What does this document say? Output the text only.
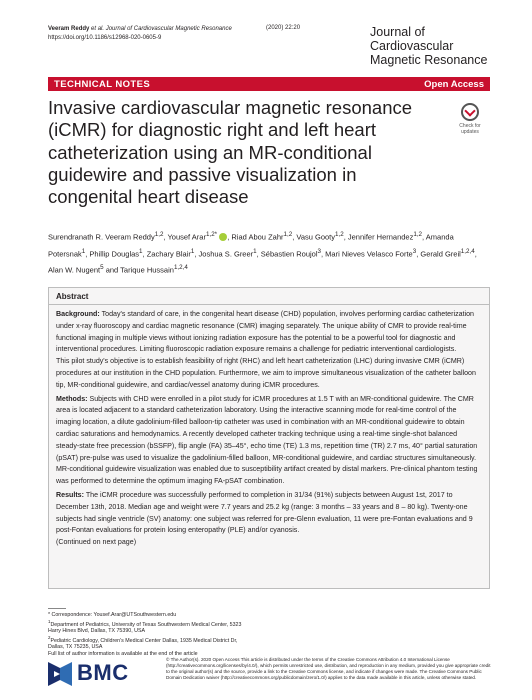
Veeram Reddy et al. Journal of Cardiovascular Magnetic Resonance	(2020) 22:20
https://doi.org/10.1186/s12968-020-0605-9	Journal of Cardiovascular
Magnetic Resonance
TECHNICAL NOTES	Open Access
Invasive cardiovascular magnetic resonance (iCMR) for diagnostic right and left heart catheterization using an MR-conditional guidewire and passive visualization in congenital heart disease
Check for
updates
Surendranath R. Veeram Reddy$^{1,2}$, Yousef Arar$^{1,2*}$ , Riad Abou Zahr$^{1,2}$, Vasu Gooty$^{1,2}$, Jennifer Hernandez$^{1,2}$, Amanda Potersnak$^1$, Phillip Douglas$^1$, Zachary Blair$^1$, Joshua S. Greer$^1$, Sébastien Roujol$^3$, Mari Nieves Velasco Forte$^3$, Gerald Greil$^{1,2,4}$, Alan W. Nugent$^5$ and Tarique Hussain$^{1,2,4}$
Abstract

Background: Today's standard of care, in the congenital heart disease (CHD) population, involves performing cardiac catheterization under x-ray fluoroscopy and cardiac magnetic resonance (CMR) imaging separately. The unique ability of CMR to provide real-time functional imaging in multiple views without ionizing radiation exposure has the potential to be a powerful tool for diagnostic and interventional procedures. Limiting fluoroscopic radiation exposure remains a challenge for pediatric interventional cardiologists.

This pilot study's objective is to establish feasibility of right (RHC) and left heart catheterization (LHC) during invasive CMR (iCMR) procedures at our institution in the CHD population. Furthermore, we aim to improve simultaneous visualization of the catheter balloon tip, MR-conditional guidewire, and cardiac/vessel anatomy during iCMR procedures.

Methods: Subjects with CHD were enrolled in a pilot study for iCMR procedures at 1.5 T with an MR-conditional guidewire. The CMR area is located adjacent to a standard catheterization laboratory. Using the interactive scanning mode for real-time control of the imaging location, a dilute gadolinium-filled balloon-tip catheter was used in combination with an MR-conditional guidewire to obtain cardiac saturations and hemodynamics. A recently developed catheter tracking technique using a real-time single-shot balanced steady-state free precession (bSSFP), flip angle (FA) 35–45°, echo time (TE) 1.3 ms, repetition time (TR) 2.7 ms, 40° partial saturation (pSAT) pre-pulse was used to visualize the gadolinium-filled balloon, MR-conditional guidewire, and cardiac structures simultaneously. MR-conditional guidewire visualization was enabled due to susceptibility artifact created by distal markers. Pre-clinical phantom testing was performed to determine the optimum imaging FA-pSAT combination.

Results: The iCMR procedure was successfully performed to completion in 31/34 (91%) subjects between August 1st, 2017 to December 13th, 2018. Median age and weight were 7.7 years and 25.2 kg (range: 3 months – 33 years and 8 – 80 kg). Twenty-one subjects had single ventricle (SV) anatomy: one subject was referred for pre-Glenn evaluation, 11 were pre-Fontan evaluations and 9 post-Fontan evaluations for protein losing enteropathy (PLE) and/or cyanosis.

(Continued on next page)

* Correspondence: Yousef.Arar@UTSouthwestern.edu
$^1$Department of Pediatrics, University of Texas Southwestern Medical Center, 5323 Harry Hines Blvd, Dallas, TX 75390, USA
$^2$Pediatric Cardiology, Children's Medical Center Dallas, 1935 Medical District Dr, Dallas, TX 75235, USA
Full list of author information is available at the end of the article
BMC
© The Author(s). 2020 Open Access This article is distributed under the terms of the Creative Commons Attribution 4.0 International License (http://creativecommons.org/licenses/by/4.0/), which permits unrestricted use, distribution, and reproduction in any medium, provided you give appropriate credit to the original author(s) and the source, provide a link to the Creative Commons license, and indicate if changes were made. The Creative Commons Public Domain Dedication waiver (http://creativecommons.org/publicdomain/zero/1.0/) applies to the data made available in this article, unless otherwise stated.
